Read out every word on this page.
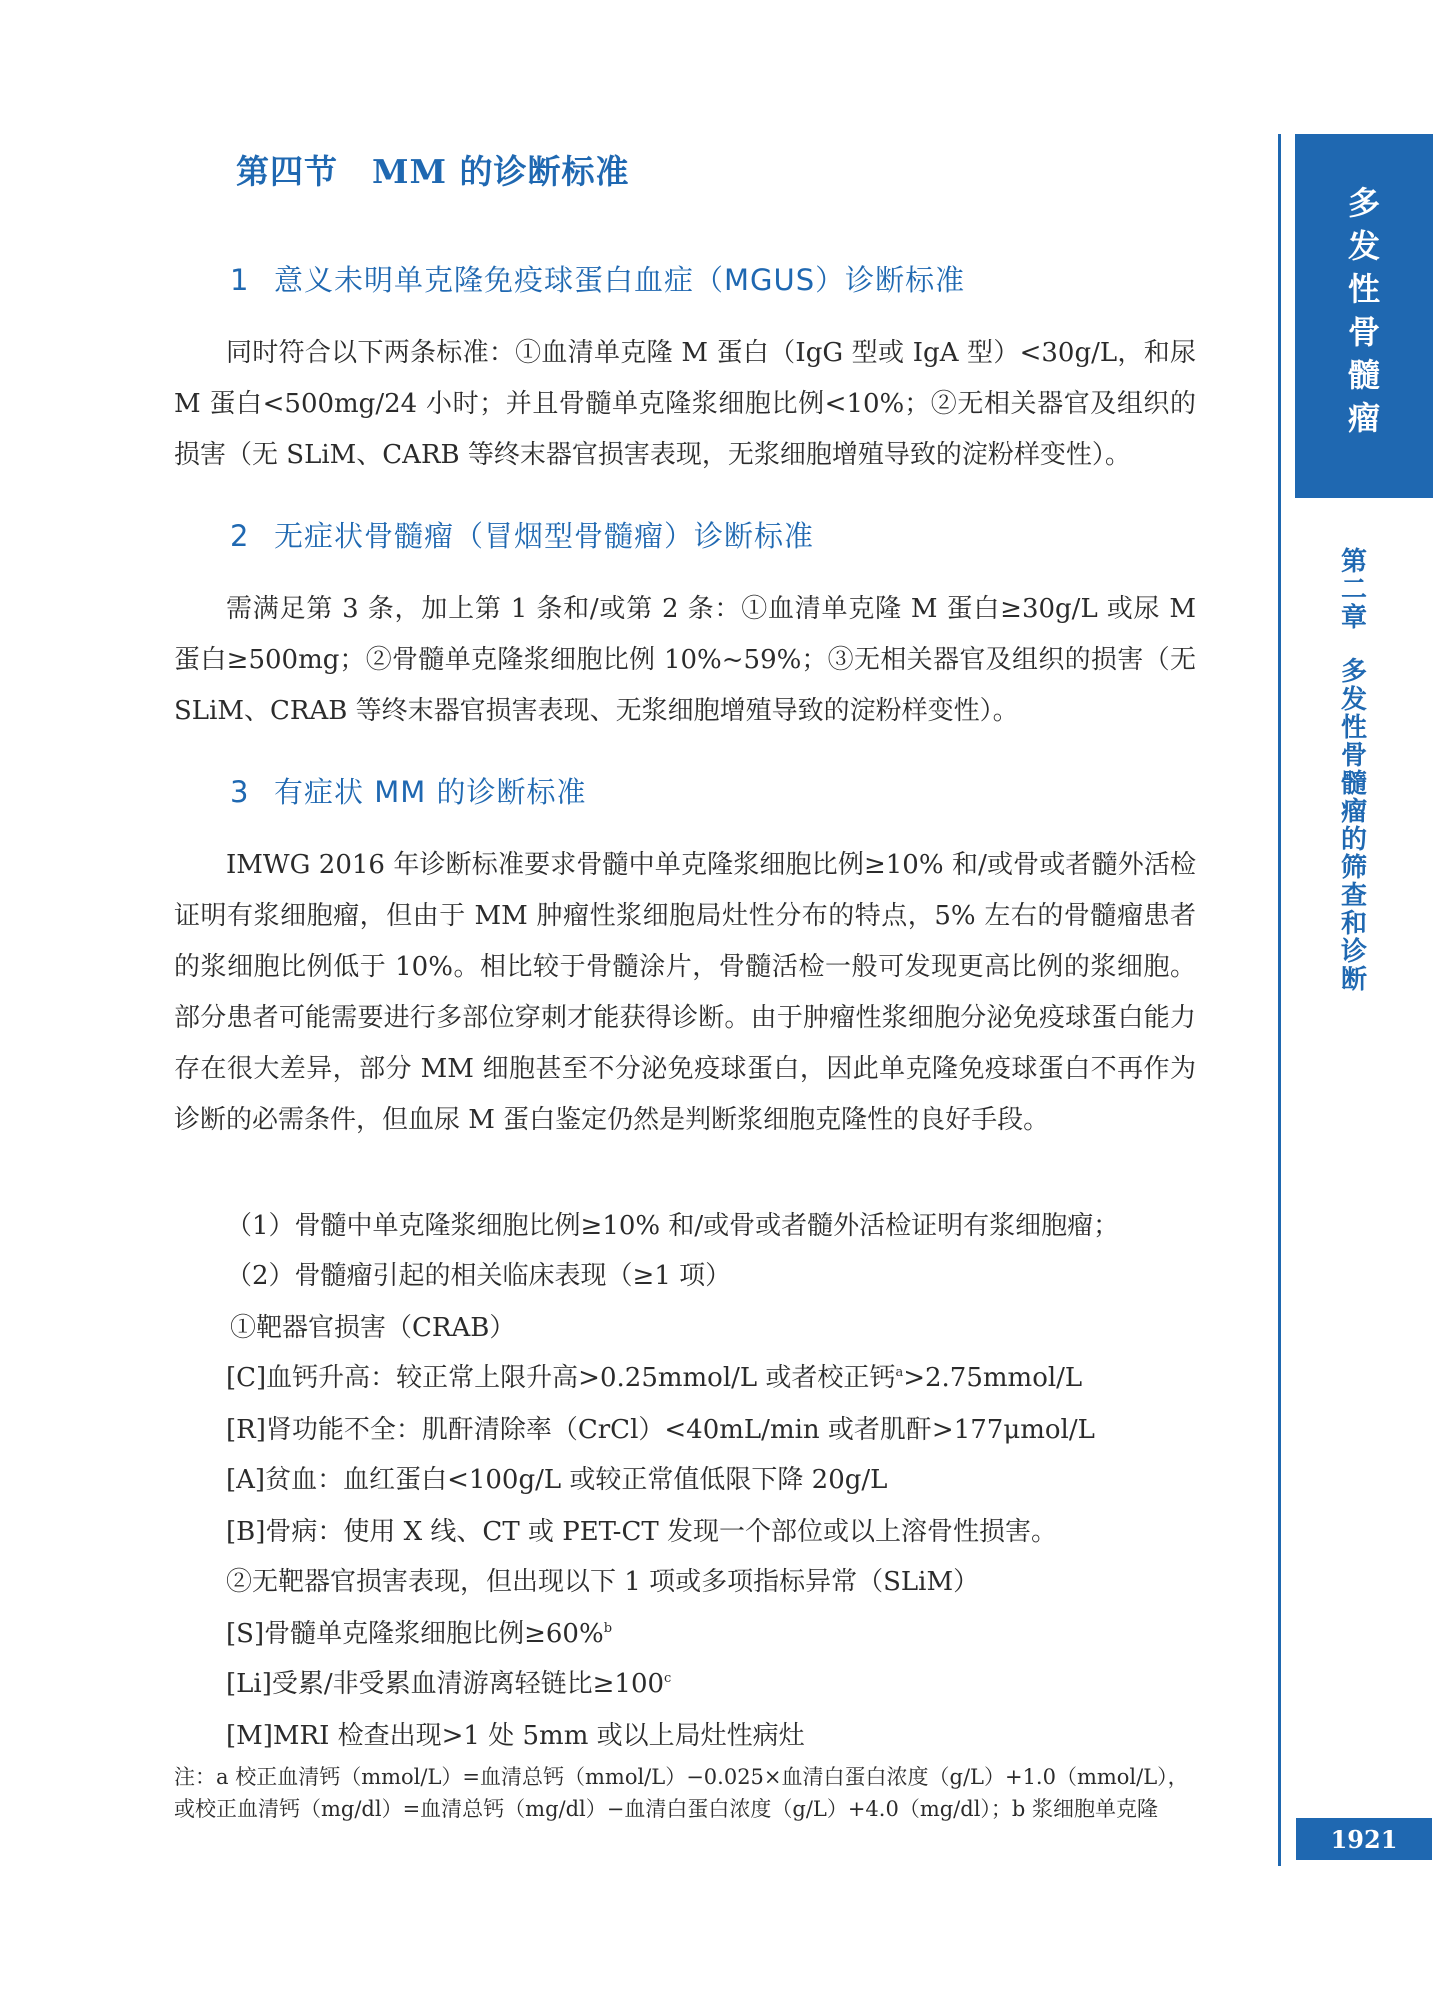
第四节　MM 的诊断标准
1 意义未明单克隆免疫球蛋白血症（MGUS）诊断标准

同时符合以下两条标准：①血清单克隆 M 蛋白（IgG 型或 IgA 型）<30g/L，和尿 M 蛋白<500mg/24 小时；并且骨髓单克隆浆细胞比例<10%；②无相关器官及组织的损害（无 SLiM、CARB 等终末器官损害表现，无浆细胞增殖导致的淀粉样变性）。

2 无症状骨髓瘤（冒烟型骨髓瘤）诊断标准

需满足第 3 条，加上第 1 条和/或第 2 条：①血清单克隆 M 蛋白≥30g/L 或尿 M 蛋白≥500mg；②骨髓单克隆浆细胞比例 10%~59%；③无相关器官及组织的损害（无 SLiM、CRAB 等终末器官损害表现、无浆细胞增殖导致的淀粉样变性）。

3 有症状 MM 的诊断标准

IMWG 2016 年诊断标准要求骨髓中单克隆浆细胞比例≥10% 和/或骨或者髓外活检证明有浆细胞瘤，但由于 MM 肿瘤性浆细胞局灶性分布的特点，5% 左右的骨髓瘤患者的浆细胞比例低于 10%。相比较于骨髓涂片，骨髓活检一般可发现更高比例的浆细胞。部分患者可能需要进行多部位穿刺才能获得诊断。由于肿瘤性浆细胞分泌免疫球蛋白能力存在很大差异，部分 MM 细胞甚至不分泌免疫球蛋白，因此单克隆免疫球蛋白不再作为诊断的必需条件，但血尿 M 蛋白鉴定仍然是判断浆细胞克隆性的良好手段。

（1）骨髓中单克隆浆细胞比例≥10% 和/或骨或者髓外活检证明有浆细胞瘤；
（2）骨髓瘤引起的相关临床表现（≥1 项）
①靶器官损害（CRAB）
[C]血钙升高：较正常上限升高>0.25mmol/L 或者校正钙$^a$>2.75mmol/L
[R]肾功能不全：肌酐清除率（CrCl）<40mL/min 或者肌酐>177μmol/L
[A]贫血：血红蛋白<100g/L 或较正常值低限下降 20g/L
[B]骨病：使用 X 线、CT 或 PET-CT 发现一个部位或以上溶骨性损害。
②无靶器官损害表现，但出现以下 1 项或多项指标异常（SLiM）
[S]骨髓单克隆浆细胞比例≥60%$^b$
[Li]受累/非受累血清游离轻链比$\ge 100^c$
[M]MRI 检查出现>1 处 5mm 或以上局灶性病灶
注：a 校正血清钙（mmol/L）=血清总钙（mmol/L）−0.025×血清白蛋白浓度（g/L）+1.0（mmol/L），或校正血清钙（mg/dl）=血清总钙（mg/dl）−血清白蛋白浓度（g/L）+4.0（mg/dl）；b 浆细胞单克隆
多
发
性
骨
髓
瘤
第
二
章
多
发
性
骨
髓
瘤
的
筛
查
和
诊
断
1921
